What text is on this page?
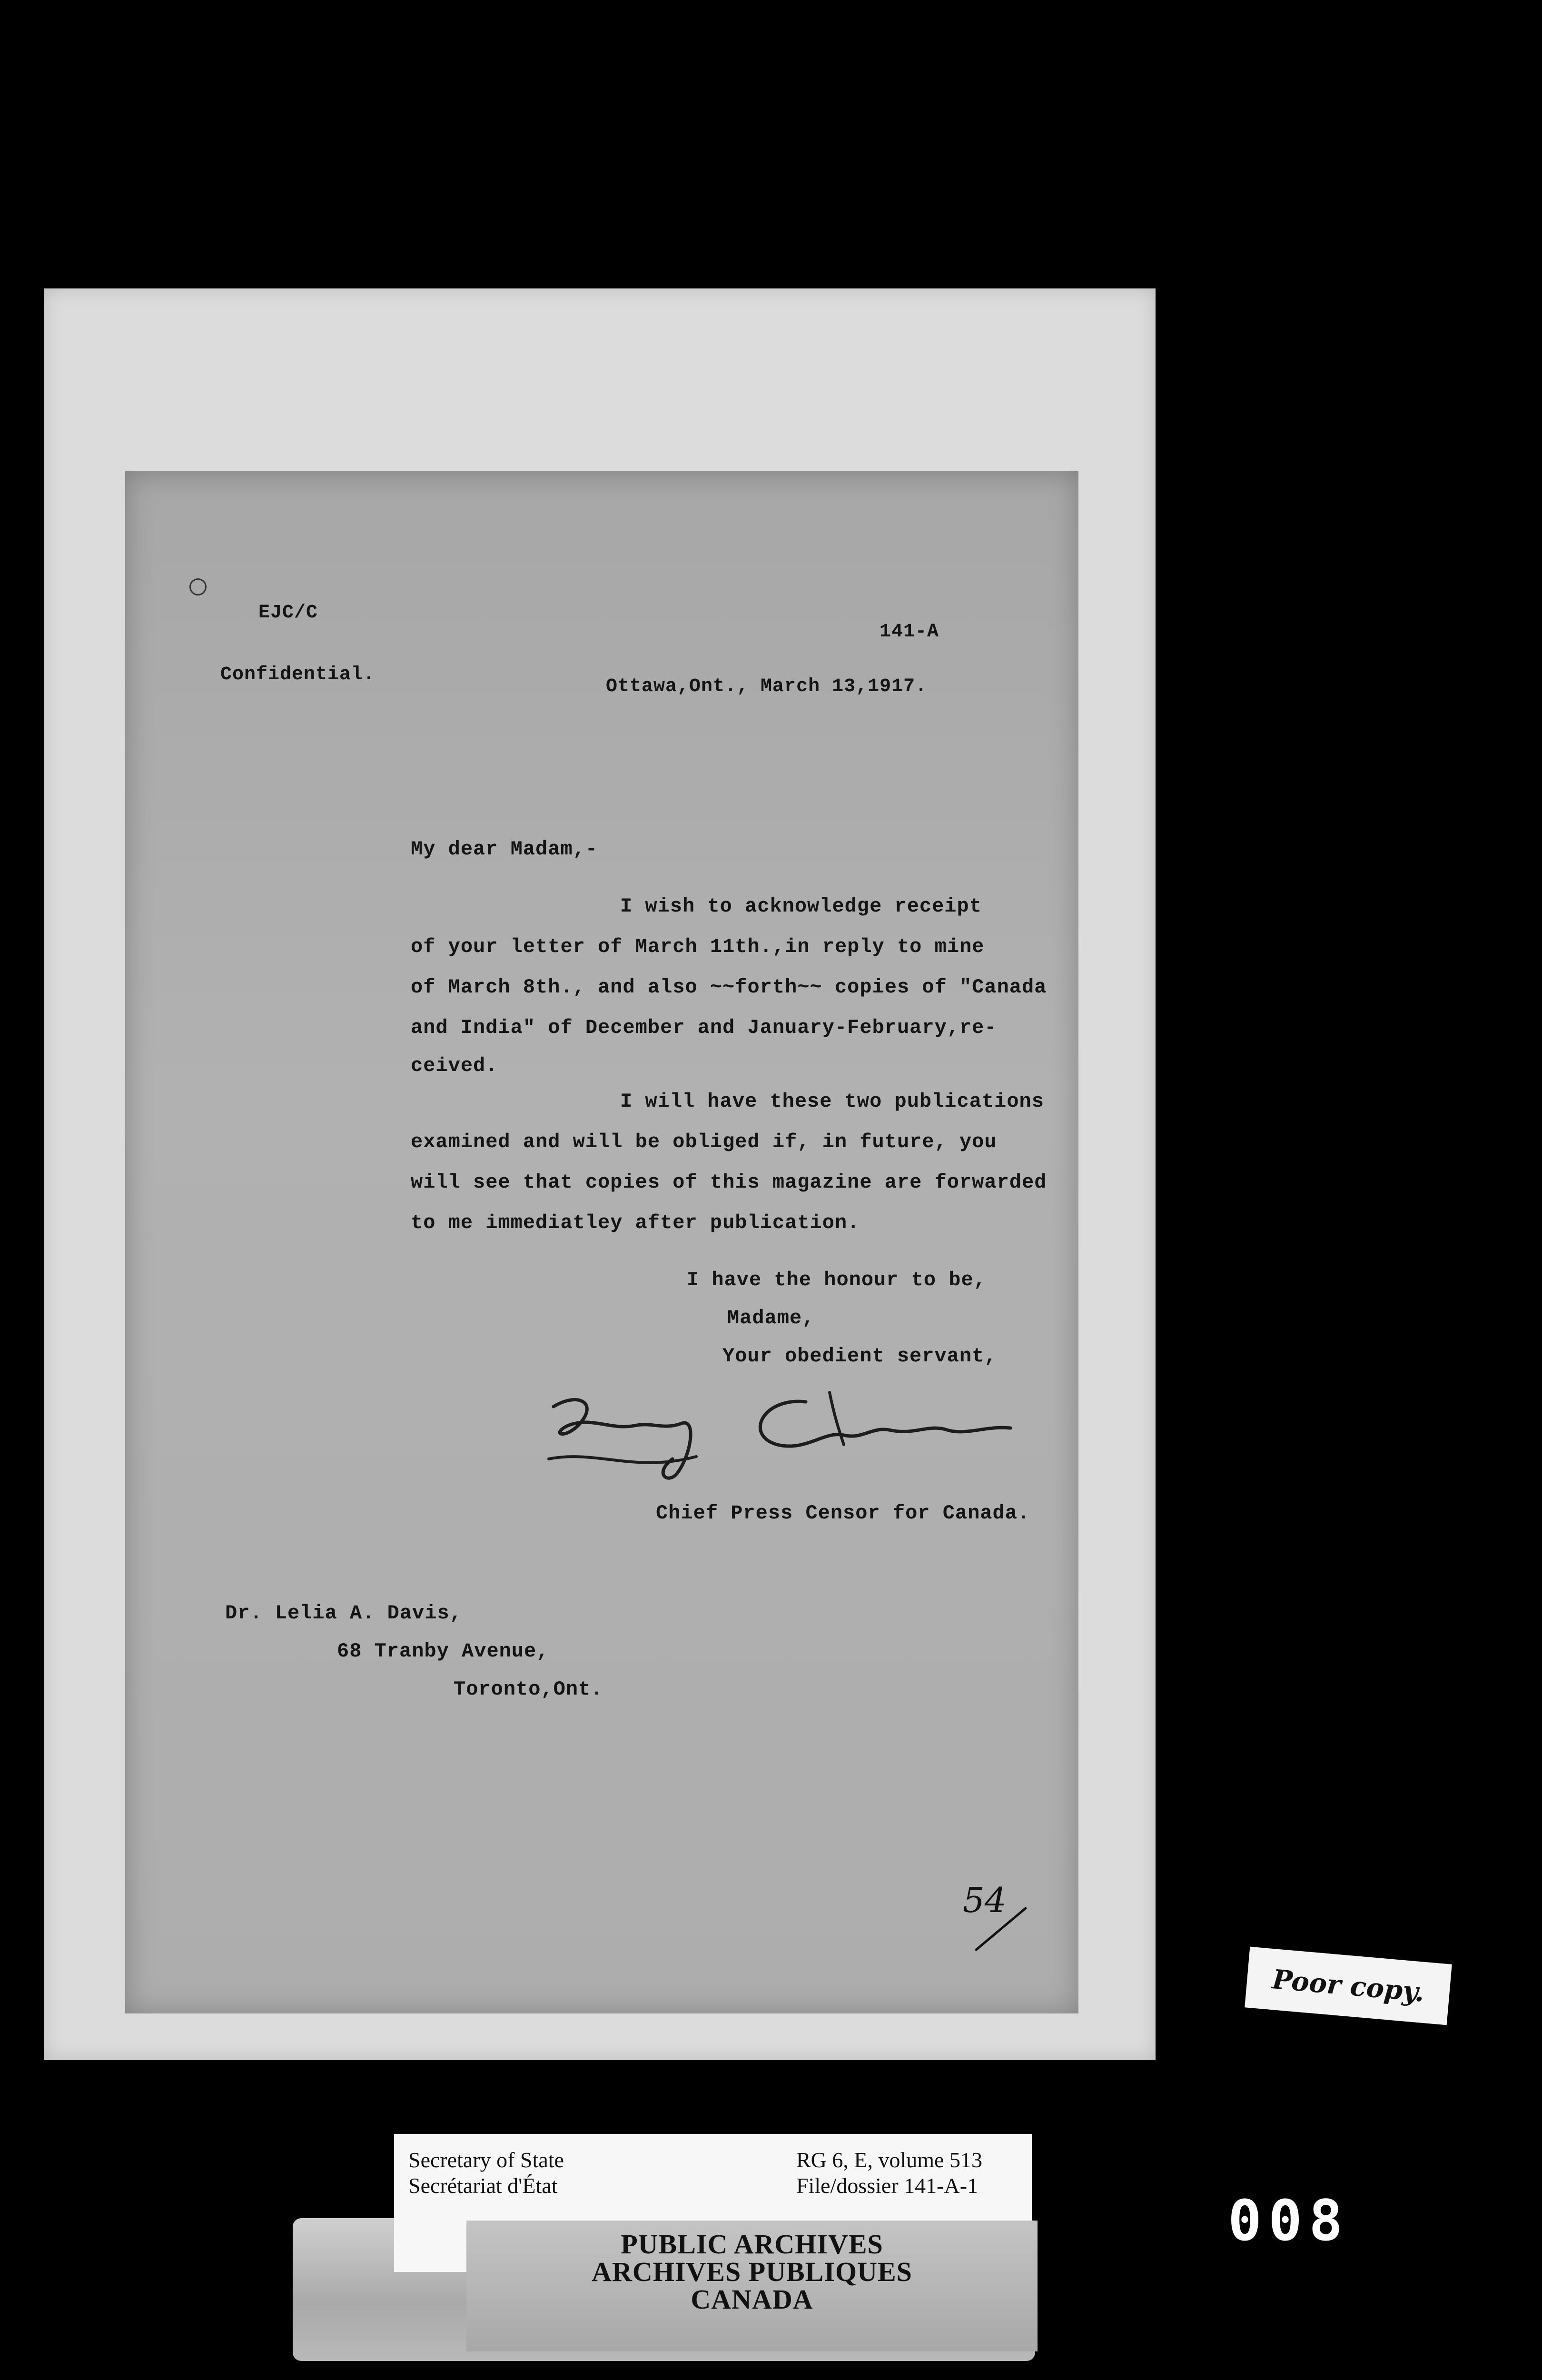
EJC/C
141-A
Confidential.
Ottawa,Ont., March 13,1917.
My dear Madam,-
I wish to acknowledge receipt
of your letter of March 11th.,in reply to mine
of March 8th., and also ~~forth~~ copies of "Canada
and India" of December and January-February,re-
ceived.
I will have these two publications
examined and will be obliged if, in future, you
will see that copies of this magazine are forwarded
to me immediatley after publication.
I have the honour to be,
Madame,
Your obedient servant,
Chief Press Censor for Canada.
Dr. Lelia A. Davis,
68 Tranby Avenue,
Toronto,Ont.
54
Poor copy.
Secretary of State
Secrétariat d'État
RG 6, E, volume 513
File/dossier 141-A-1
PUBLIC ARCHIVES
ARCHIVES PUBLIQUES
CANADA
008
